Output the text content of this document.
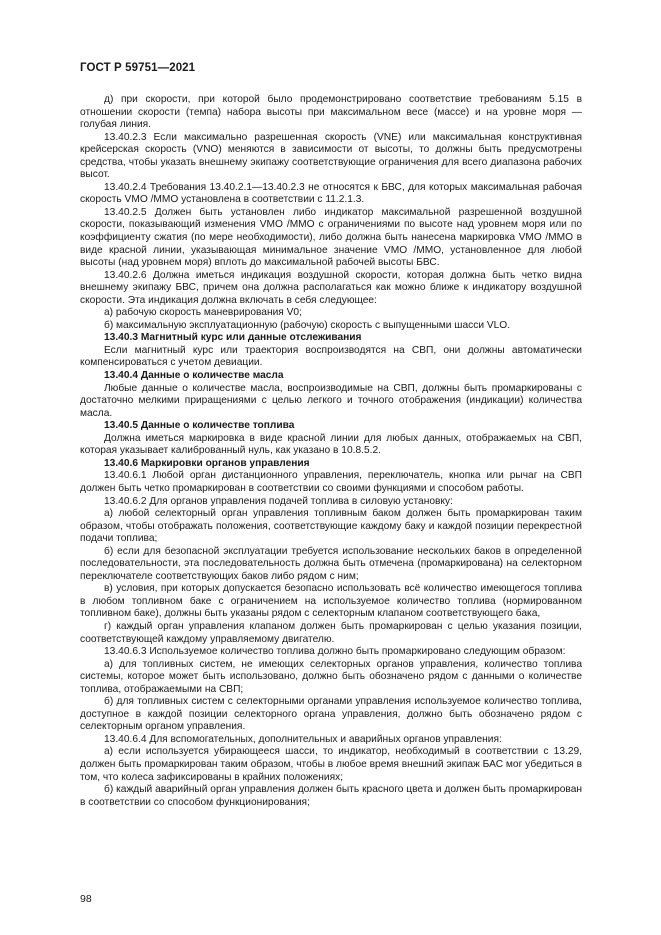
ГОСТ Р 59751—2021

д) при скорости, при которой было продемонстрировано соответствие требованиям 5.15 в отношении скорости (темпа) набора высоты при максимальном весе (массе) и на уровне моря — голубая линия.

13.40.2.3 Если максимально разрешенная скорость (VNE) или максимальная конструктивная крейсерская скорость (VNO) меняются в зависимости от высоты, то должны быть предусмотрены средства, чтобы указать внешнему экипажу соответствующие ограничения для всего диапазона рабочих высот.

13.40.2.4 Требования 13.40.2.1—13.40.2.3 не относятся к БВС, для которых максимальная рабочая скорость VMO /MMO установлена в соответствии с 11.2.1.3.

13.40.2.5 Должен быть установлен либо индикатор максимальной разрешенной воздушной скорости, показывающий изменения VMO /MMO с ограничениями по высоте над уровнем моря или по коэффициенту сжатия (по мере необходимости), либо должна быть нанесена маркировка VMO /MMO в виде красной линии, указывающая минимальное значение VMO /MMO, установленное для любой высоты (над уровнем моря) вплоть до максимальной рабочей высоты БВС.

13.40.2.6 Должна иметься индикация воздушной скорости, которая должна быть четко видна внешнему экипажу БВС, причем она должна располагаться как можно ближе к индикатору воздушной скорости. Эта индикация должна включать в себя следующее:

а) рабочую скорость маневрирования V0;

б) максимальную эксплуатационную (рабочую) скорость с выпущенными шасси VLO.

13.40.3 Магнитный курс или данные отслеживания

Если магнитный курс или траектория воспроизводятся на СВП, они должны автоматически компенсироваться с учетом девиации.

13.40.4 Данные о количестве масла

Любые данные о количестве масла, воспроизводимые на СВП, должны быть промаркированы с достаточно мелкими приращениями с целью легкого и точного отображения (индикации) количества масла.

13.40.5 Данные о количестве топлива

Должна иметься маркировка в виде красной линии для любых данных, отображаемых на СВП, которая указывает калиброванный нуль, как указано в 10.8.5.2.

13.40.6 Маркировки органов управления

13.40.6.1 Любой орган дистанционного управления, переключатель, кнопка или рычаг на СВП должен быть четко промаркирован в соответствии со своими функциями и способом работы.

13.40.6.2 Для органов управления подачей топлива в силовую установку:

а) любой селекторный орган управления топливным баком должен быть промаркирован таким образом, чтобы отображать положения, соответствующие каждому баку и каждой позиции перекрестной подачи топлива;

б) если для безопасной эксплуатации требуется использование нескольких баков в определенной последовательности, эта последовательность должна быть отмечена (промаркирована) на селекторном переключателе соответствующих баков либо рядом с ним;

в) условия, при которых допускается безопасно использовать всё количество имеющегося топлива в любом топливном баке с ограничением на используемое количество топлива (нормированном топливном баке), должны быть указаны рядом с селекторным клапаном соответствующего бака,

г) каждый орган управления клапаном должен быть промаркирован с целью указания позиции, соответствующей каждому управляемому двигателю.

13.40.6.3 Используемое количество топлива должно быть промаркировано следующим образом:

а) для топливных систем, не имеющих селекторных органов управления, количество топлива системы, которое может быть использовано, должно быть обозначено рядом с данными о количестве топлива, отображаемыми на СВП;

б) для топливных систем с селекторными органами управления используемое количество топлива, доступное в каждой позиции селекторного органа управления, должно быть обозначено рядом с селекторным органом управления.

13.40.6.4 Для вспомогательных, дополнительных и аварийных органов управления:

а) если используется убирающееся шасси, то индикатор, необходимый в соответствии с 13.29, должен быть промаркирован таким образом, чтобы в любое время внешний экипаж БАС мог убедиться в том, что колеса зафиксированы в крайних положениях;

б) каждый аварийный орган управления должен быть красного цвета и должен быть промаркирован в соответствии со способом функционирования;

98
